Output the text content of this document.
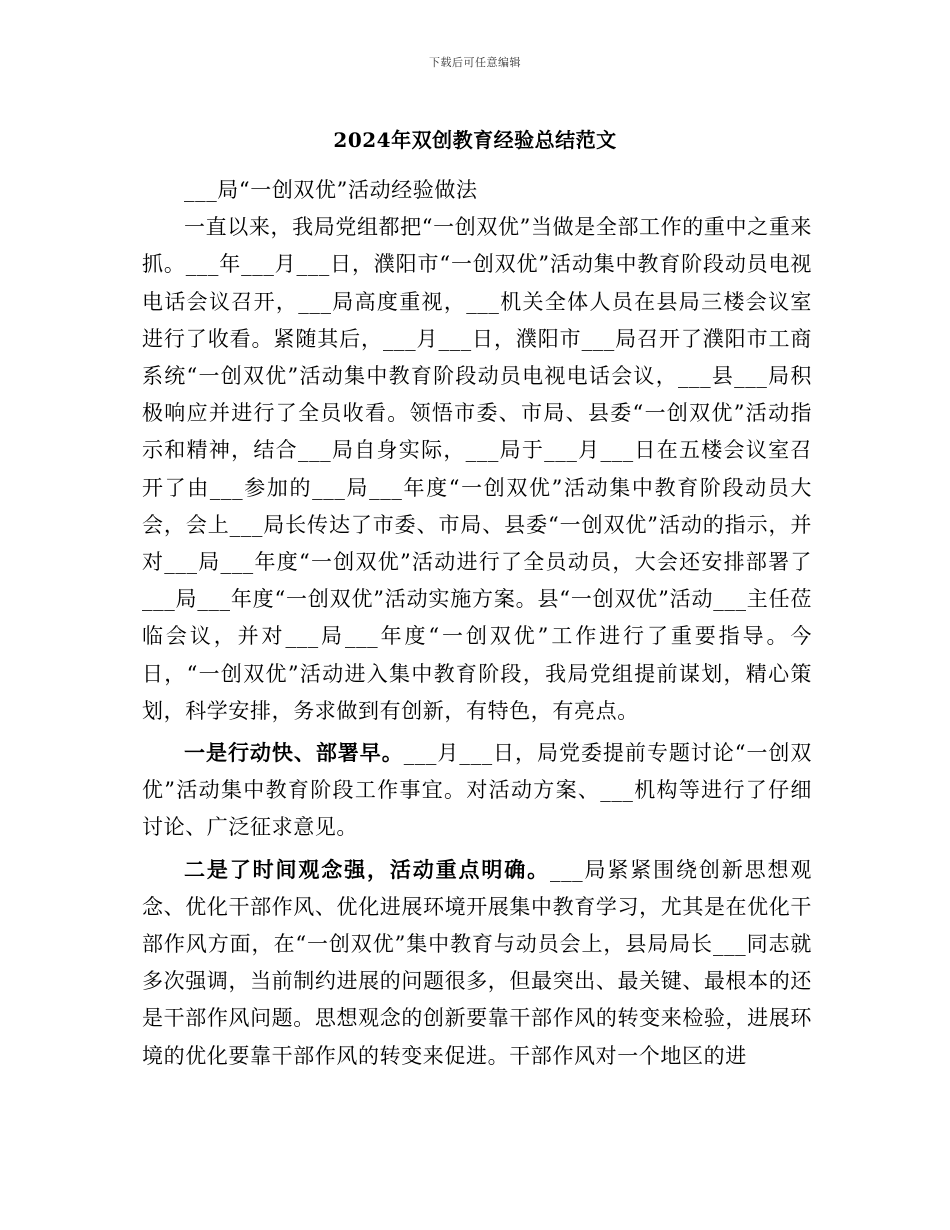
下载后可任意编辑
2024年双创教育经验总结范文

___局“一创双优”活动经验做法

一直以来，我局党组都把“一创双优”当做是全部工作的重中之重来抓。___年___月___日，濮阳市“一创双优”活动集中教育阶段动员电视电话会议召开，___局高度重视，___机关全体人员在县局三楼会议室进行了收看。紧随其后，___月___日，濮阳市___局召开了濮阳市工商系统“一创双优”活动集中教育阶段动员电视电话会议，___县___局积极响应并进行了全员收看。领悟市委、市局、县委“一创双优”活动指示和精神，结合___局自身实际，___局于___月___日在五楼会议室召开了由___参加的___局___年度“一创双优”活动集中教育阶段动员大会，会上___局长传达了市委、市局、县委“一创双优”活动的指示，并对___局___年度“一创双优”活动进行了全员动员，大会还安排部署了___局___年度“一创双优”活动实施方案。县“一创双优”活动___主任莅临会议，并对___局___年度“一创双优”工作进行了重要指导。今日，“一创双优”活动进入集中教育阶段，我局党组提前谋划，精心策划，科学安排，务求做到有创新，有特色，有亮点。

一是行动快、部署早。___月___日，局党委提前专题讨论“一创双优”活动集中教育阶段工作事宜。对活动方案、___机构等进行了仔细讨论、广泛征求意见。

二是了时间观念强，活动重点明确。___局紧紧围绕创新思想观念、优化干部作风、优化进展环境开展集中教育学习，尤其是在优化干部作风方面，在“一创双优”集中教育与动员会上，县局局长___同志就多次强调，当前制约进展的问题很多，但最突出、最关键、最根本的还是干部作风问题。思想观念的创新要靠干部作风的转变来检验，进展环境的优化要靠干部作风的转变来促进。干部作风对一个地区的进
